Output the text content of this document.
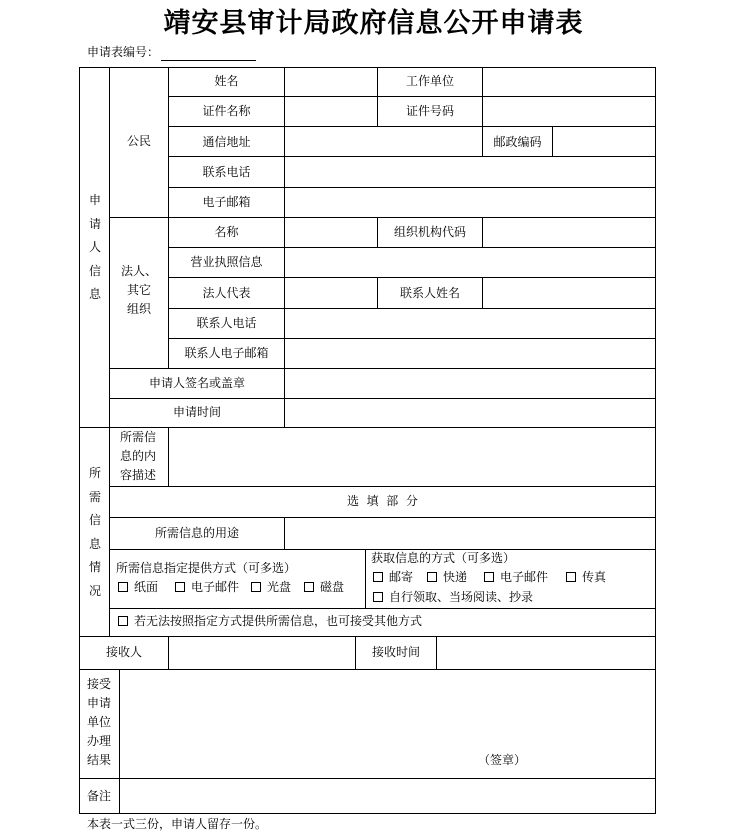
靖安县审计局政府信息公开申请表
申请表编号：
申
请
人
信
息
公民
姓名	工作单位
证件名称	证件号码
通信地址	邮政编码
联系电话
电子邮箱
法人、
其它
组织
名称	组织机构代码
营业执照信息
法人代表	联系人姓名
联系人电话
联系人电子邮箱
申请人签名或盖章
申请时间
所
需
信
息
情
况
所需信
息的内
容描述
选  填  部  分
所需信息的用途
所需信息指定提供方式（可多选）
纸面	电子邮件	光盘	磁盘
获取信息的方式（可多选）
邮寄	快递	电子邮件	传真
自行领取、当场阅读、抄录
若无法按照指定方式提供所需信息，也可接受其他方式
接收人	接收时间
接受
申请
单位
办理
结果	（签章）
备注
本表一式三份，申请人留存一份。
